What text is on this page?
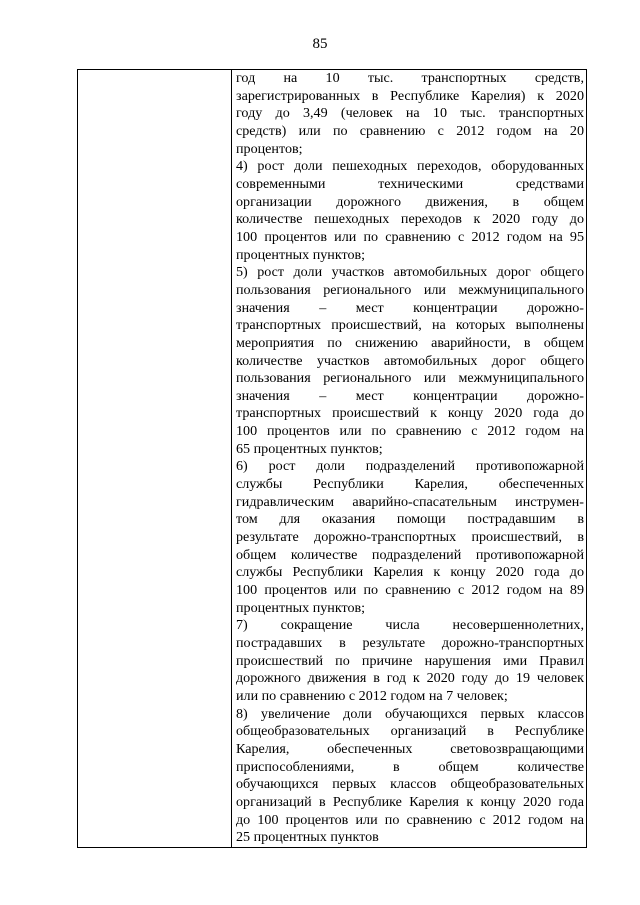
85

год на 10 тыс. транспортных средств,
зарегистрированных в Республике Карелия) к 2020
году до 3,49 (человек на 10 тыс. транспортных
средств) или по сравнению с 2012 годом на 20
процентов;
4) рост доли пешеходных переходов, оборудованных
современными техническими средствами
организации дорожного движения, в общем
количестве пешеходных переходов к 2020 году до
100 процентов или по сравнению с 2012 годом на 95
процентных пунктов;
5) рост доли участков автомобильных дорог общего
пользования регионального или межмуниципального
значения – мест концентрации дорожно-
транспортных происшествий, на которых выполнены
мероприятия по снижению аварийности, в общем
количестве участков автомобильных дорог общего
пользования регионального или межмуниципального
значения – мест концентрации дорожно-
транспортных происшествий к концу 2020 года до
100 процентов или по сравнению с 2012 годом на
65 процентных пунктов;
6) рост доли подразделений противопожарной
службы Республики Карелия, обеспеченных
гидравлическим аварийно-спасательным инструмен-
том для оказания помощи пострадавшим в
результате дорожно-транспортных происшествий, в
общем количестве подразделений противопожарной
службы Республики Карелия к концу 2020 года до
100 процентов или по сравнению с 2012 годом на 89
процентных пунктов;
7) сокращение числа несовершеннолетних,
пострадавших в результате дорожно-транспортных
происшествий по причине нарушения ими Правил
дорожного движения в год к 2020 году до 19 человек
или по сравнению с 2012 годом на 7 человек;
8) увеличение доли обучающихся первых классов
общеобразовательных организаций в Республике
Карелия, обеспеченных световозвращающими
приспособлениями, в общем количестве
обучающихся первых классов общеобразовательных
организаций в Республике Карелия к концу 2020 года
до 100 процентов или по сравнению с 2012 годом на
25 процентных пунктов
